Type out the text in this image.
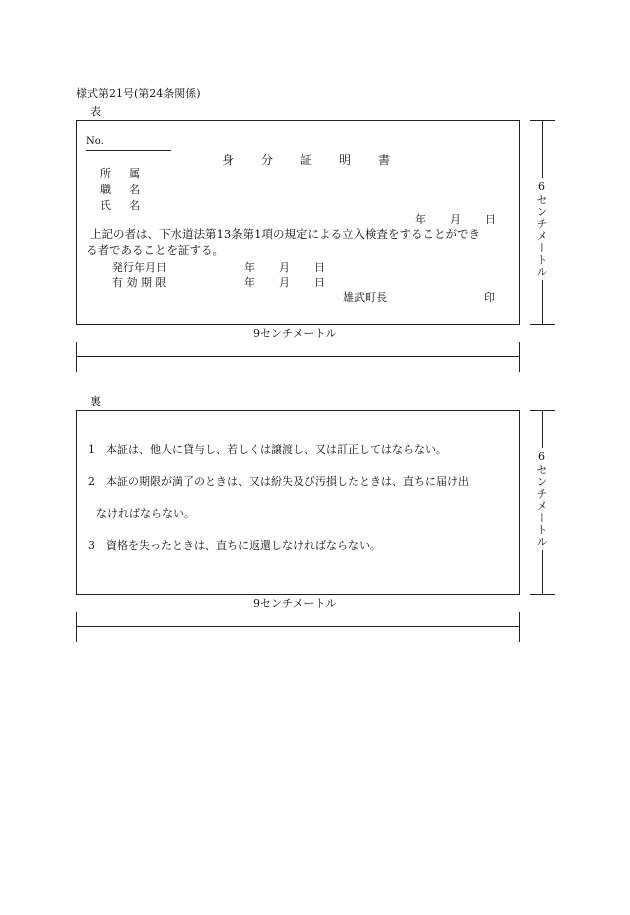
様式第21号(第24条関係)
表
No.
身分証明書
所属
職名
氏名
年 月 日
上記の者は、下水道法第13条第1項の規定による立入検査をすることができ
る者であることを証する。
発行年月日	年 月 日
有 効 期 限	年 月 日
雄武町長	印
9センチメートル
6センチメートル
裏
1　本証は、他人に貸与し、若しくは譲渡し、又は訂正してはならない。
2　本証の期限が満了のときは、又は紛失及び汚損したときは、直ちに届け出
なければならない。
3　資格を失ったときは、直ちに返還しなければならない。
9センチメートル
6センチメートル
